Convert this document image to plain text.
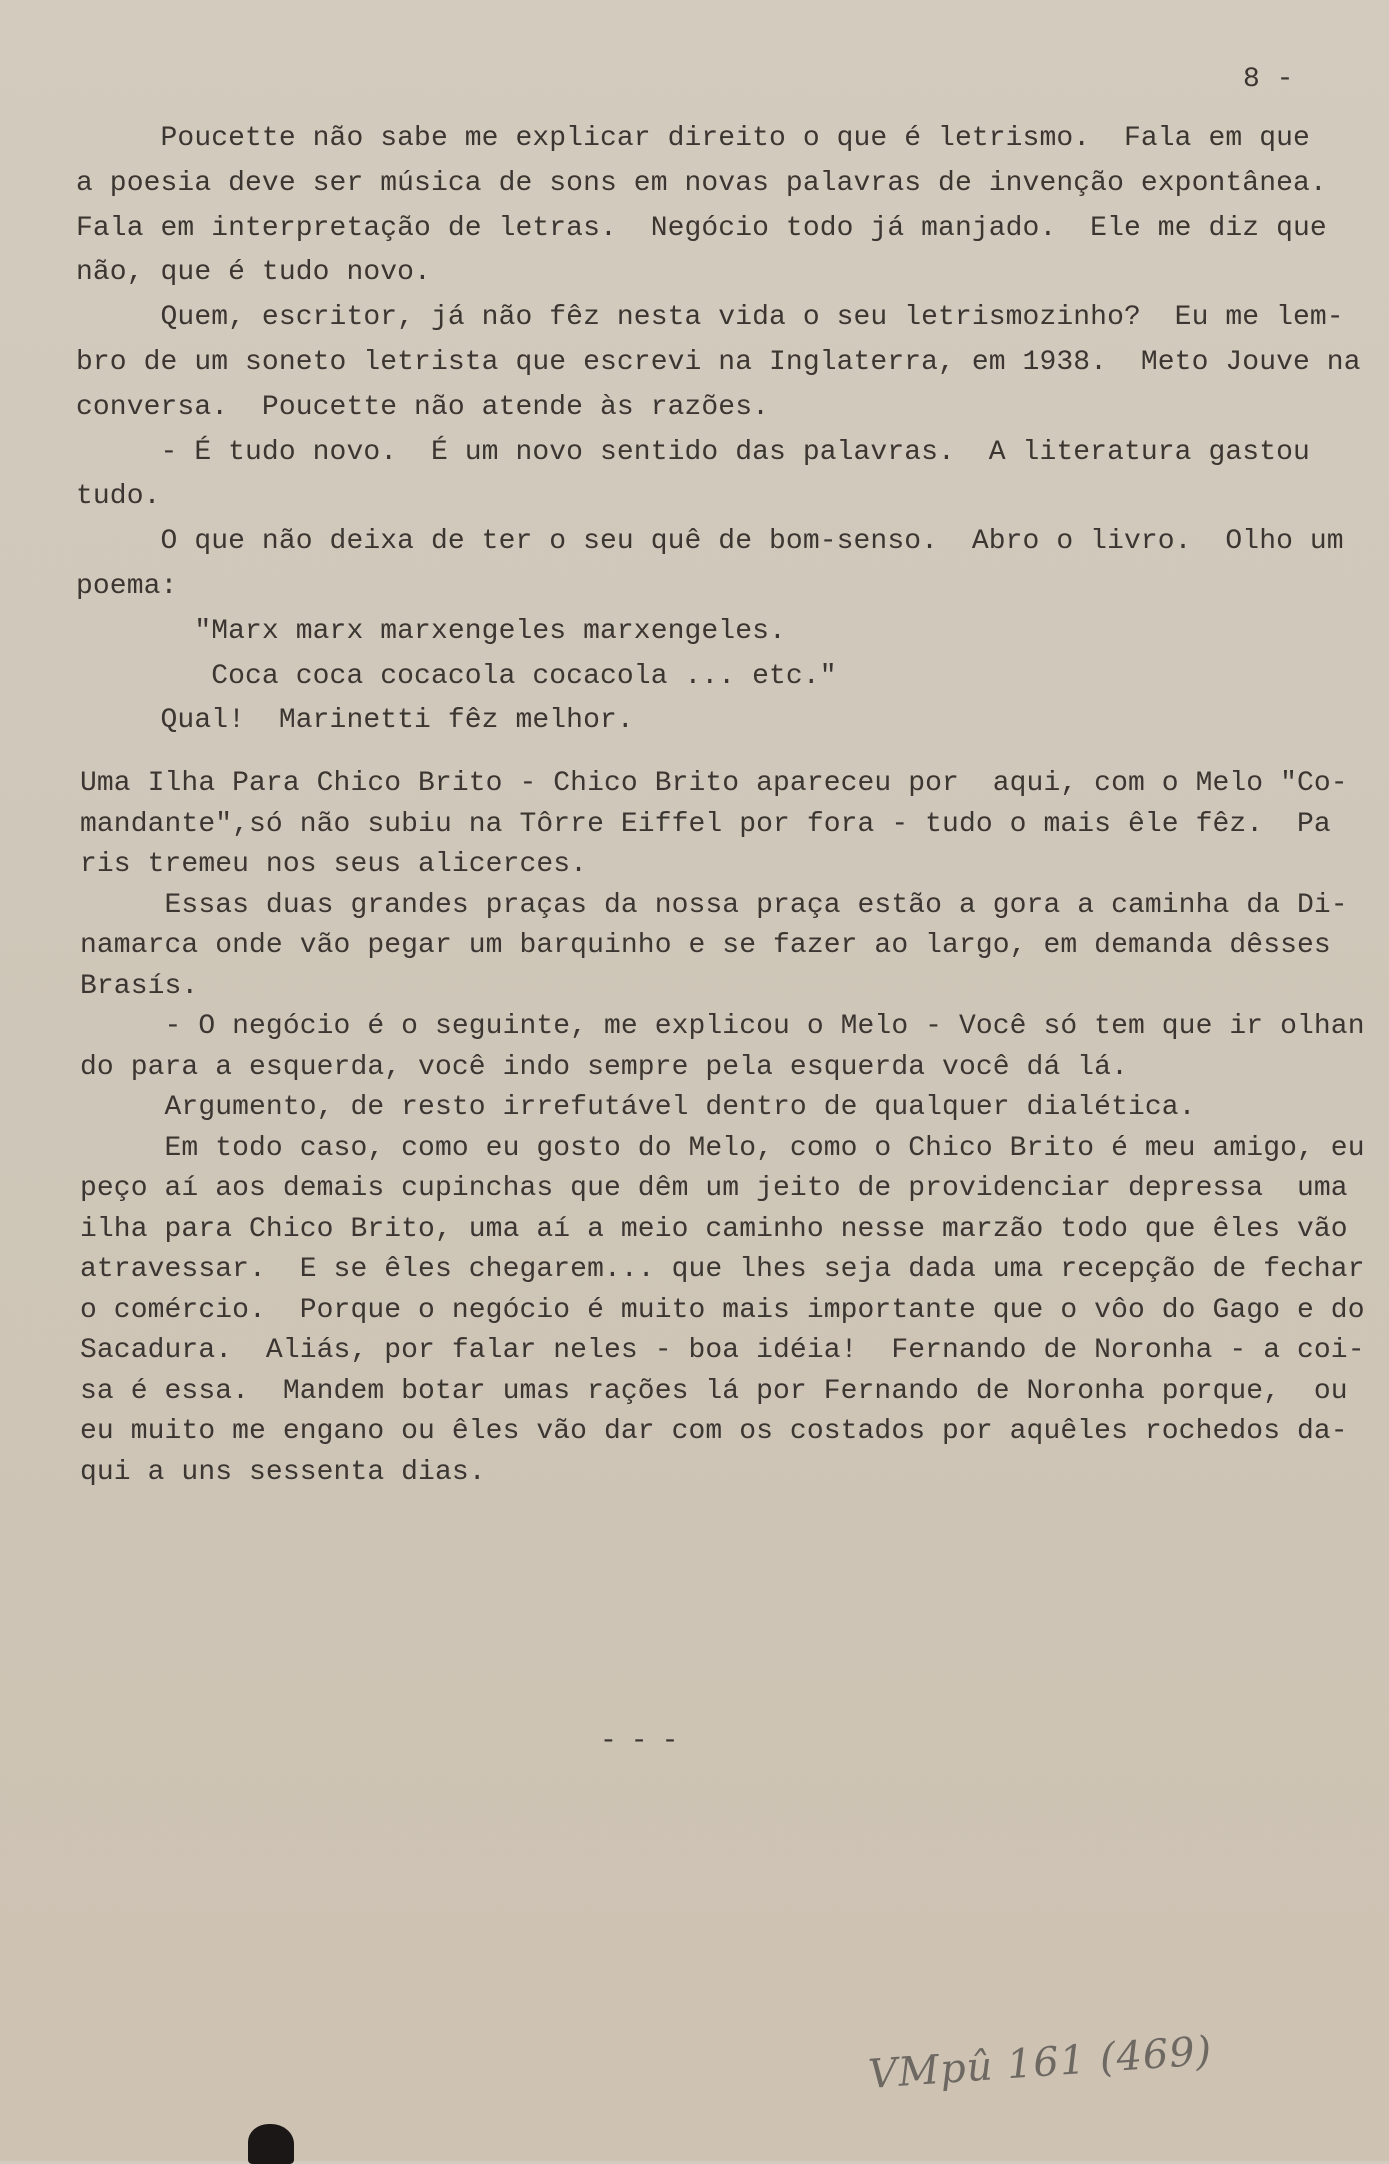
8 -
Poucette não sabe me explicar direito o que é letrismo.  Fala em que
a poesia deve ser música de sons em novas palavras de invenção expontânea.
Fala em interpretação de letras.  Negócio todo já manjado.  Ele me diz que
não, que é tudo novo.
Quem, escritor, já não fêz nesta vida o seu letrismozinho?  Eu me lem-
bro de um soneto letrista que escrevi na Inglaterra, em 1938.  Meto Jouve na
conversa.  Poucette não atende às razões.
- É tudo novo.  É um novo sentido das palavras.  A literatura gastou
tudo.
O que não deixa de ter o seu quê de bom-senso.  Abro o livro.  Olho um
poema:
"Marx marx marxengeles marxengeles.
Coca coca cocacola cocacola ... etc."
Qual!  Marinetti fêz melhor.
Uma Ilha Para Chico Brito - Chico Brito apareceu por  aqui, com o Melo "Co-
mandante",só não subiu na Tôrre Eiffel por fora - tudo o mais êle fêz.  Pa
ris tremeu nos seus alicerces.
Essas duas grandes praças da nossa praça estão a gora a caminha da Di-
namarca onde vão pegar um barquinho e se fazer ao largo, em demanda dêsses
Brasís.
- O negócio é o seguinte, me explicou o Melo - Você só tem que ir olhan
do para a esquerda, você indo sempre pela esquerda você dá lá.
Argumento, de resto irrefutável dentro de qualquer dialética.
Em todo caso, como eu gosto do Melo, como o Chico Brito é meu amigo, eu
peço aí aos demais cupinchas que dêm um jeito de providenciar depressa  uma
ilha para Chico Brito, uma aí a meio caminho nesse marzão todo que êles vão
atravessar.  E se êles chegarem... que lhes seja dada uma recepção de fechar
o comércio.  Porque o negócio é muito mais importante que o vôo do Gago e do
Sacadura.  Aliás, por falar neles - boa idéia!  Fernando de Noronha - a coi-
sa é essa.  Mandem botar umas rações lá por Fernando de Noronha porque,  ou
eu muito me engano ou êles vão dar com os costados por aquêles rochedos da-
qui a uns sessenta dias.
---
VMpû 161 (469)
